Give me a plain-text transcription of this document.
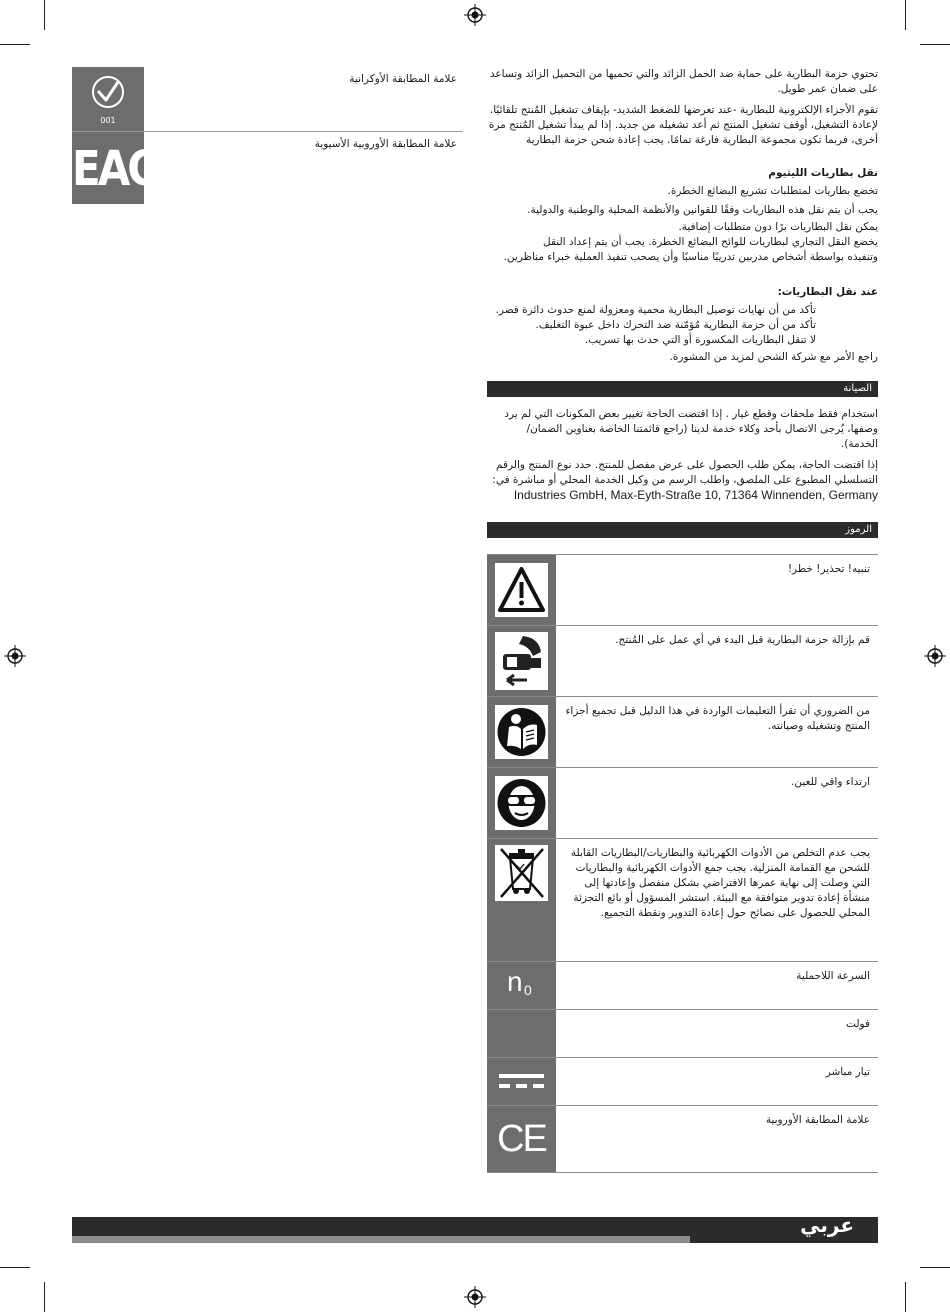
001
علامة المطابقة الأوكرانية
EAC	علامة المطابقة الأوروبية الأسيوية

تحتوي حزمة البطارية على حماية ضد الحمل الزائد والتي تحميها من التحميل الزائد وتساعد على ضمان عمر طويل.

تقوم الأجزاء الإلكترونية للبطارية -عند تعرضها للضغط الشديد- بإيقاف تشغيل المُنتج تلقائيًا. لإعادة التشغيل، أوقف تشغيل المنتج ثم أعد تشغيله من جديد. إذا لم يبدأ تشغيل المُنتج مرة أخرى، فربما تكون مجموعة البطارية فارغة تمامًا. يجب إعادة شحن حزمة البطارية

نقل بطاريات الليثيوم

تخضع بطاريات لمتطلبات تشريع البضائع الخطرة.

يجب أن يتم نقل هذه البطاريات وفقًا للقوانين والأنظمة المحلية والوطنية والدولية.

يمكن نقل البطاريات برًا دون متطلبات إضافية.

يخضع النقل التجاري لبطاريات للوائح البضائع الخطرة. يجب أن يتم إعداد النقل

وتنفيذه بواسطة أشخاص مدربين تدريبًا مناسبًا وأن يصحب تنفيذ العملية خبراء مناظرين.

عند نقل البطاريات:

تأكد من أن نهايات توصيل البطارية محمية ومعزولة لمنع حدوث دائرة قصر.

تأكد من أن حزمة البطارية مُؤمّنة ضد التحرك داخل عبوة التغليف.

لا تنقل البطاريات المكسورة أو التي حدث بها تسريب.

راجع الأمر مع شركة الشحن لمزيد من المشورة.

الصيانة

استخدام فقط ملحقات وقطع غيار . إذا اقتضت الحاجة تغيير بعض المكونات التي لم يرد وصفها، يُرجى الاتصال بأحد وكلاء خدمة لدينا (راجع قائمتنا الخاصة بعناوين الضمان/ الخدمة).

إذا اقتضت الحاجة، يمكن طلب الحصول على عرض مفصل للمنتج. حدد نوع المنتج والرقم التسلسلي المطبوع على الملصق، واطلب الرسم من وكيل الخدمة المحلي أو مباشرة في:

Industries GmbH, Max-Eyth-Straße 10, 71364 Winnenden, Germany

الرموز
تنبيه! تحذير! خطر!
قم بإزالة حزمة البطارية قبل البدء في أي عمل على المُنتج.
من الضروري أن تقرأ التعليمات الواردة في هذا الدليل قبل تجميع أجزاء المنتج وتشغيله وصيانته.
ارتداء واقي للعين.
يجب عدم التخلص من الأدوات الكهربائية والبطاريات/البطاريات القابلة للشحن مع القمامة المنزلية. يجب جمع الأدوات الكهربائية والبطاريات التي وصلت إلى نهاية عمرها الافتراضي بشكل منفصل وإعادتها إلى منشأة إعادة تدوير متوافقة مع البيئة. استشر المسؤول أو بائع التجزئة المحلي للحصول على نصائح حول إعادة التدوير ونقطة التجميع.
n 0
السرعة اللاحملية
فولت
تيار مباشر
CE	علامة المطابقة الأوروبية
عربي
